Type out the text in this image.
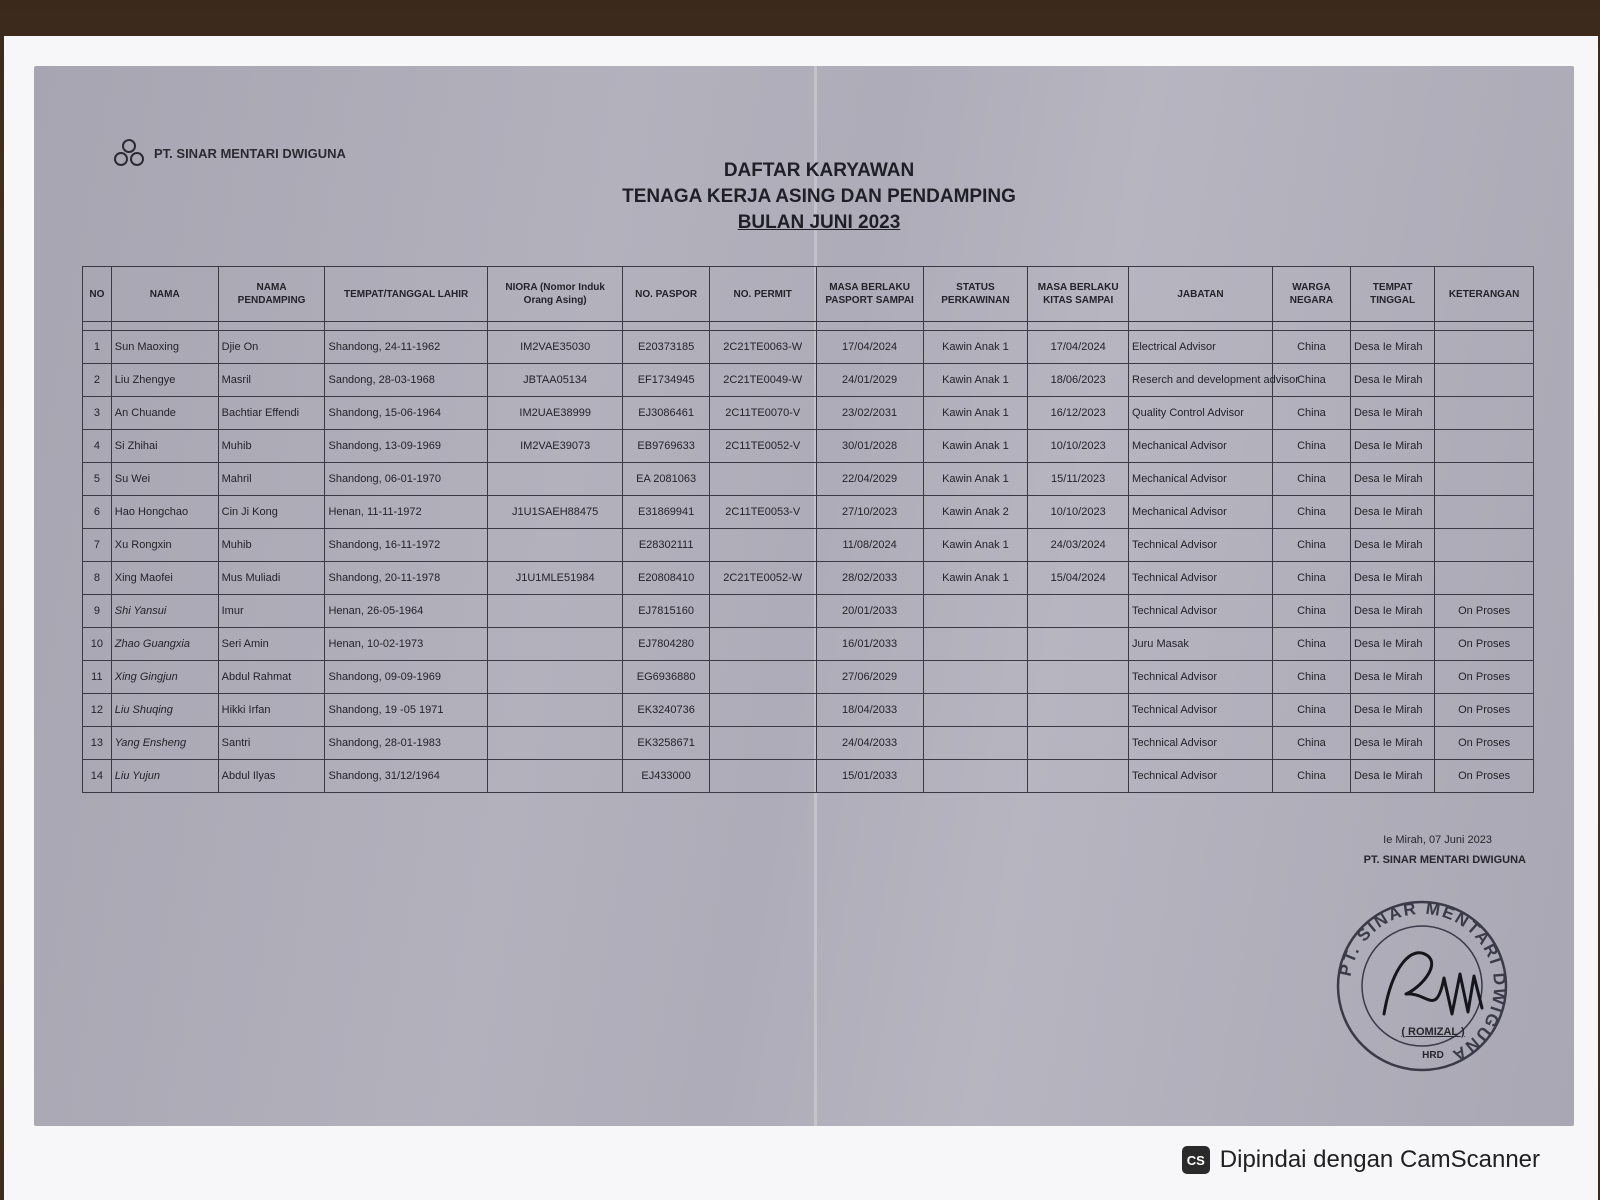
PT. SINAR MENTARI DWIGUNA
DAFTAR KARYAWAN
TENAGA KERJA ASING DAN PENDAMPING
BULAN JUNI 2023
NO	NAMA	NAMA PENDAMPING	TEMPAT/TANGGAL LAHIR	NIORA (Nomor Induk Orang Asing)	NO. PASPOR	NO. PERMIT	MASA BERLAKU PASPORT SAMPAI	STATUS PERKAWINAN	MASA BERLAKU KITAS SAMPAI	JABATAN	WARGA NEGARA	TEMPAT TINGGAL	KETERANGAN

1	Sun Maoxing	Djie On	Shandong, 24-11-1962	IM2VAE35030	E20373185	2C21TE0063-W	17/04/2024	Kawin Anak 1	17/04/2024	Electrical Advisor	China	Desa Ie Mirah	
2	Liu Zhengye	Masril	Sandong, 28-03-1968	JBTAA05134	EF1734945	2C21TE0049-W	24/01/2029	Kawin Anak 1	18/06/2023	Reserch and development advisor	China	Desa Ie Mirah	
3	An Chuande	Bachtiar Effendi	Shandong, 15-06-1964	IM2UAE38999	EJ3086461	2C11TE0070-V	23/02/2031	Kawin Anak 1	16/12/2023	Quality Control Advisor	China	Desa Ie Mirah	
4	Si Zhihai	Muhib	Shandong, 13-09-1969	IM2VAE39073	EB9769633	2C11TE0052-V	30/01/2028	Kawin Anak 1	10/10/2023	Mechanical Advisor	China	Desa Ie Mirah	
5	Su Wei	Mahril	Shandong, 06-01-1970		EA 2081063		22/04/2029	Kawin Anak 1	15/11/2023	Mechanical Advisor	China	Desa Ie Mirah	
6	Hao Hongchao	Cin Ji Kong	Henan, 11-11-1972	J1U1SAEH88475	E31869941	2C11TE0053-V	27/10/2023	Kawin Anak 2	10/10/2023	Mechanical Advisor	China	Desa Ie Mirah	
7	Xu Rongxin	Muhib	Shandong, 16-11-1972		E28302111		11/08/2024	Kawin Anak 1	24/03/2024	Technical Advisor	China	Desa Ie Mirah	
8	Xing Maofei	Mus Muliadi	Shandong, 20-11-1978	J1U1MLE51984	E20808410	2C21TE0052-W	28/02/2033	Kawin Anak 1	15/04/2024	Technical Advisor	China	Desa Ie Mirah	
9	Shi Yansui	Imur	Henan, 26-05-1964		EJ7815160		20/01/2033			Technical Advisor	China	Desa Ie Mirah	On Proses
10	Zhao Guangxia	Seri Amin	Henan, 10-02-1973		EJ7804280		16/01/2033			Juru Masak	China	Desa Ie Mirah	On Proses
11	Xing Gingjun	Abdul Rahmat	Shandong, 09-09-1969		EG6936880		27/06/2029			Technical Advisor	China	Desa Ie Mirah	On Proses
12	Liu Shuqing	Hikki Irfan	Shandong, 19 -05 1971		EK3240736		18/04/2033			Technical Advisor	China	Desa Ie Mirah	On Proses
13	Yang Ensheng	Santri	Shandong, 28-01-1983		EK3258671		24/04/2033			Technical Advisor	China	Desa Ie Mirah	On Proses
14	Liu Yujun	Abdul Ilyas	Shandong, 31/12/1964		EJ433000		15/01/2033			Technical Advisor	China	Desa Ie Mirah	On Proses
Ie Mirah, 07 Juni 2023
PT. SINAR MENTARI DWIGUNA
PT. SINAR MENTARI DWIGUNA
( ROMIZAL )
HRD
CS Dipindai dengan CamScanner
